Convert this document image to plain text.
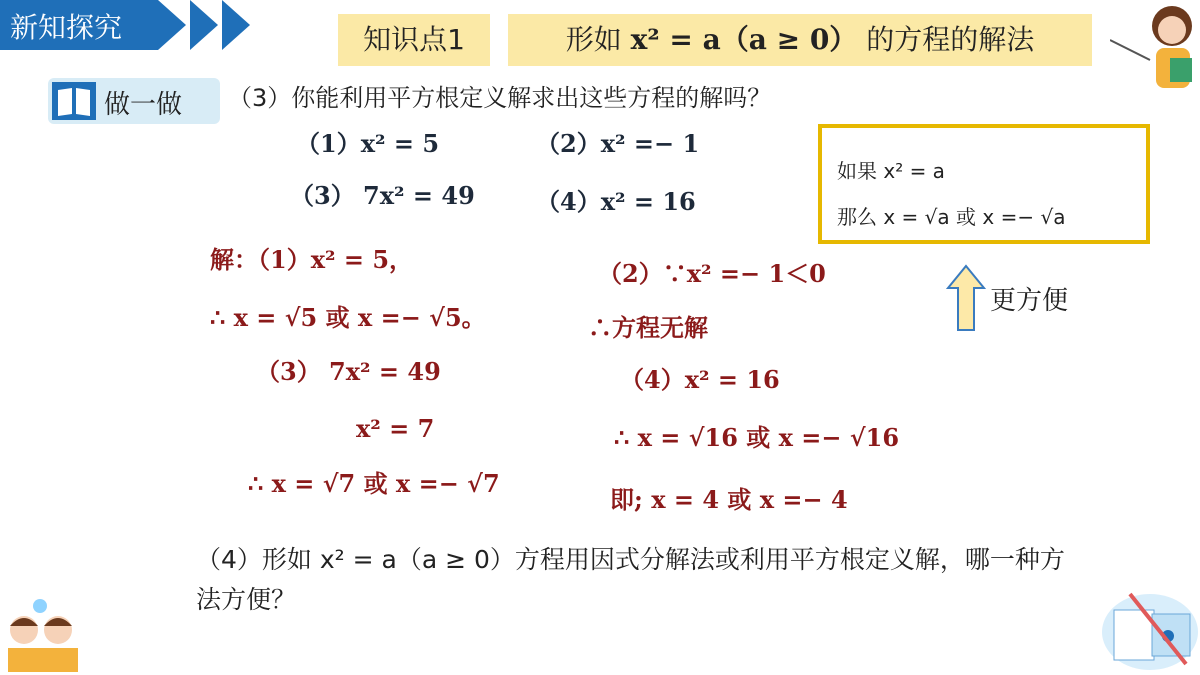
新知探究	知识点1	形如 x² = a（a ≥ 0） 的方程的解法
做一做 （3）你能利用平方根定义解求出这些方程的解吗？
（1）x² = 5	（2）x² =− 1
（3） 7x² = 49	（4）x² = 16
如果 x² = a
那么 x = √a 或 x =− √a
更方便
解：（1）x² = 5，
∴ x = √5 或 x =− √5。
（2）∵x² =− 1＜0
∴方程无解
（3） 7x² = 49
x² = 7
∴ x = √7 或 x =− √7
（4）x² = 16
∴ x = √16 或 x =− √16
即; x = 4 或 x =− 4
（4）形如 x² = a（a ≥ 0）方程用因式分解法或利用平方根定义解，哪一种方法方便？
